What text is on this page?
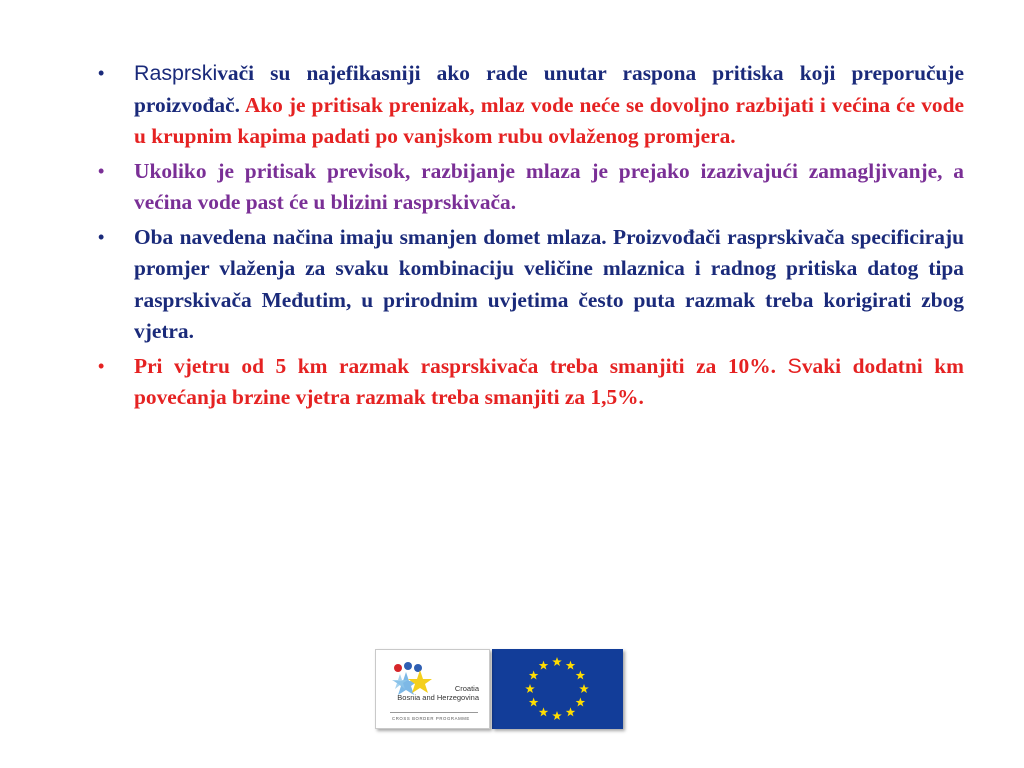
• Rasprskivači su najefikasniji ako rade unutar raspona pritiska koji preporučuje proizvođač. Ako je pritisak prenizak, mlaz vode neće se dovoljno razbijati i većina će vode u krupnim kapima padati po vanjskom rubu ovlaženog promjera.
• Ukoliko je pritisak previsok, razbijanje mlaza je prejako izazivajući zamagljivanje, a većina vode past će u blizini rasprskivača.
• Oba navedena načina imaju smanjen domet mlaza. Proizvođači rasprskivača specificiraju promjer vlaženja za svaku kombinaciju veličine mlaznica i radnog pritiska datog tipa rasprskivača Međutim, u prirodnim uvjetima često puta razmak treba korigirati zbog vjetra.
• Pri vjetru od 5 km razmak rasprskivača treba smanjiti za 10%. Svaki dodatni km povećanja brzine vjetra razmak treba smanjiti za 1,5%.
Croatia
Bosnia and Herzegovina
CROSS BORDER PROGRAMME
